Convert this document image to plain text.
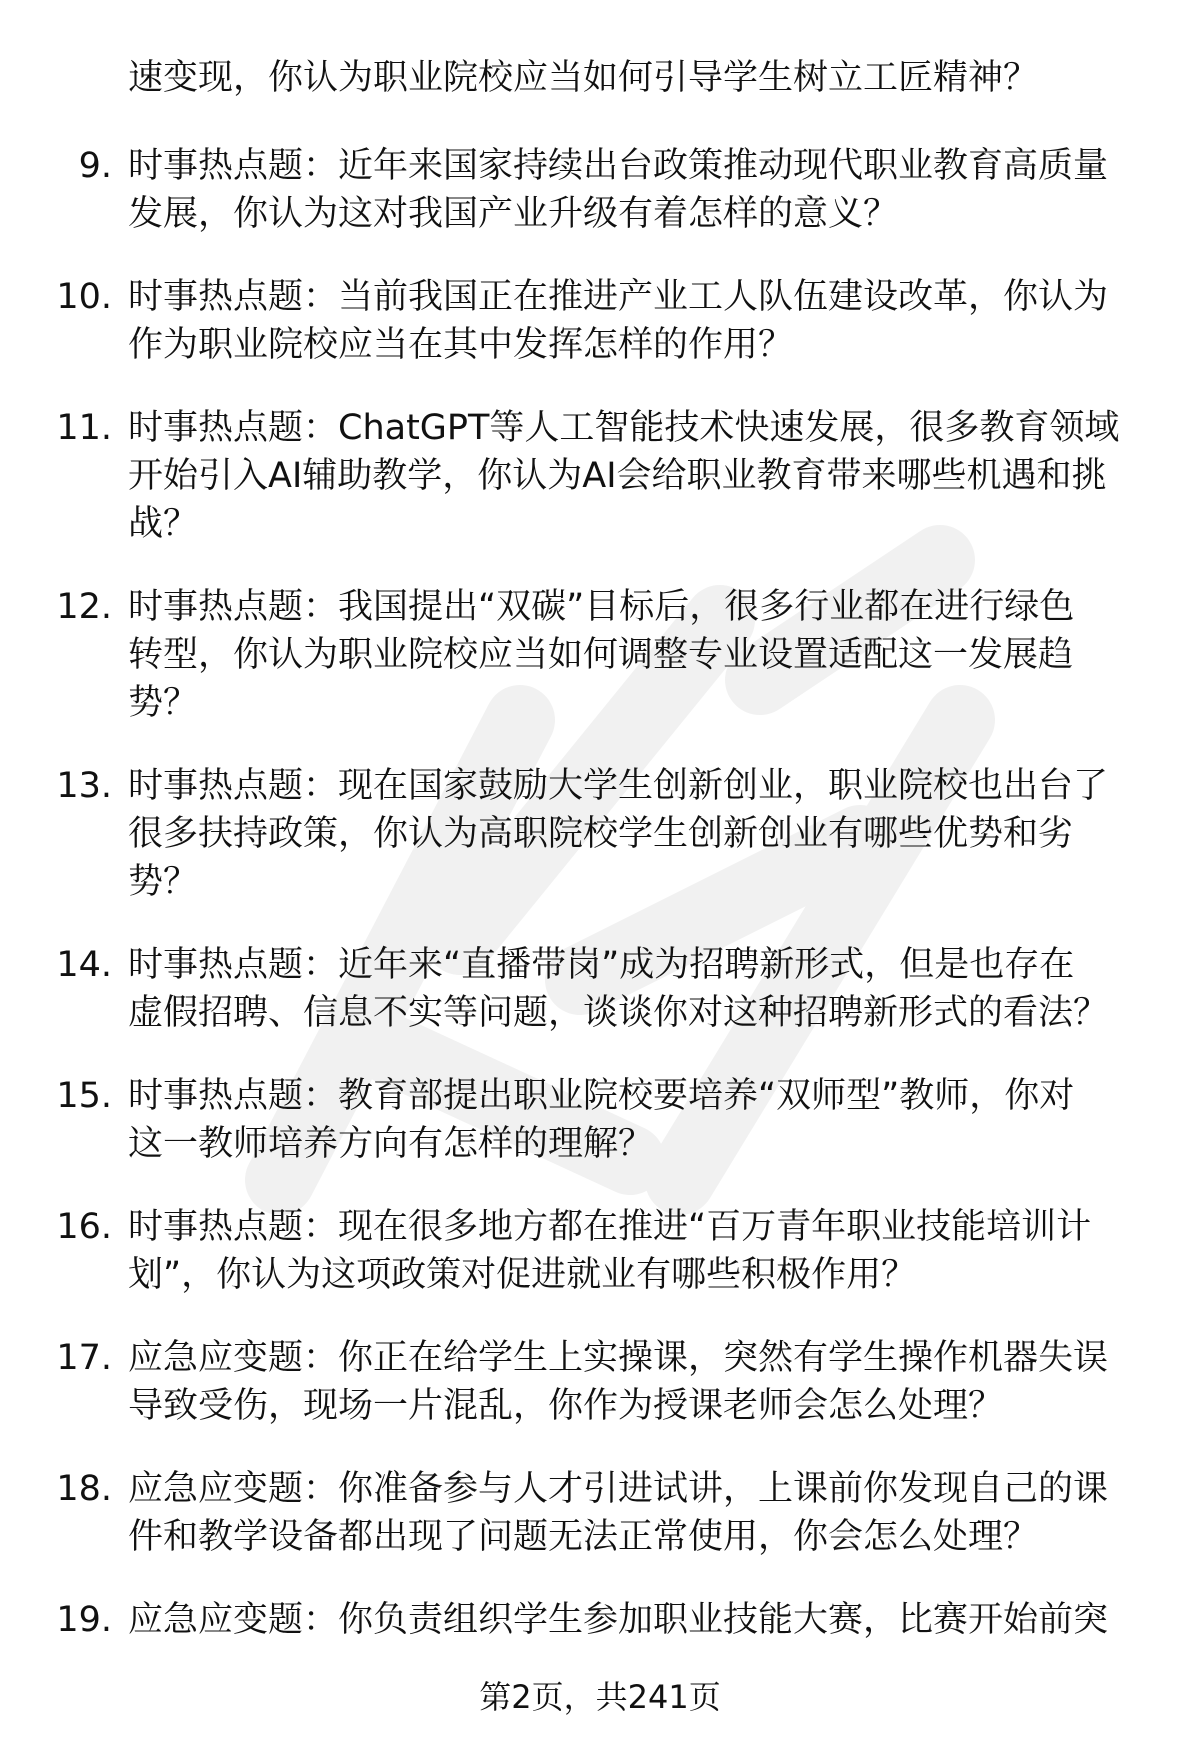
速变现，你认为职业院校应当如何引导学生树立工匠精神？
9. 时事热点题：近年来国家持续出台政策推动现代职业教育高质量
发展，你认为这对我国产业升级有着怎样的意义？
10. 时事热点题：当前我国正在推进产业工人队伍建设改革，你认为
作为职业院校应当在其中发挥怎样的作用？
11. 时事热点题：ChatGPT等人工智能技术快速发展，很多教育领域
开始引入AI辅助教学，你认为AI会给职业教育带来哪些机遇和挑
战？
12. 时事热点题：我国提出“双碳”目标后，很多行业都在进行绿色
转型，你认为职业院校应当如何调整专业设置适配这一发展趋
势？
13. 时事热点题：现在国家鼓励大学生创新创业，职业院校也出台了
很多扶持政策，你认为高职院校学生创新创业有哪些优势和劣
势？
14. 时事热点题：近年来“直播带岗”成为招聘新形式，但是也存在
虚假招聘、信息不实等问题，谈谈你对这种招聘新形式的看法？
15. 时事热点题：教育部提出职业院校要培养“双师型”教师，你对
这一教师培养方向有怎样的理解？
16. 时事热点题：现在很多地方都在推进“百万青年职业技能培训计
划”，你认为这项政策对促进就业有哪些积极作用？
17. 应急应变题：你正在给学生上实操课，突然有学生操作机器失误
导致受伤，现场一片混乱，你作为授课老师会怎么处理？
18. 应急应变题：你准备参与人才引进试讲，上课前你发现自己的课
件和教学设备都出现了问题无法正常使用，你会怎么处理？
19. 应急应变题：你负责组织学生参加职业技能大赛，比赛开始前突
第2页，共241页
